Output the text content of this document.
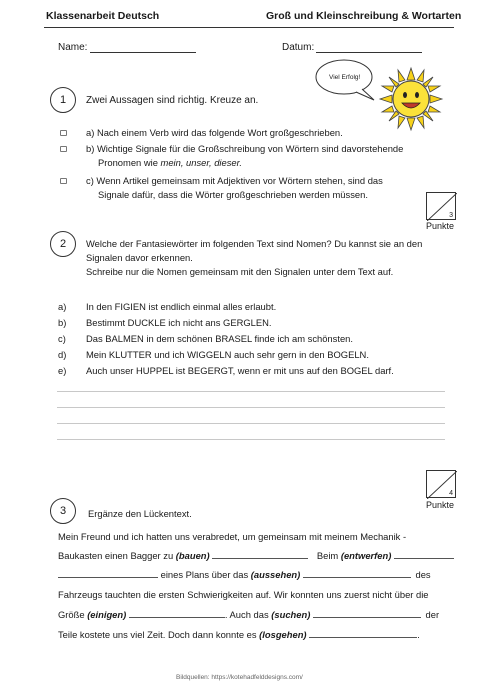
Klassenarbeit Deutsch	Groß und Kleinschreibung & Wortarten
Name:	Datum:
Viel Erfolg!
1	Zwei Aussagen sind richtig. Kreuze an.
a) Nach einem Verb wird das folgende Wort großgeschrieben.
b) Wichtige Signale für die Großschreibung von Wörtern sind davorstehende
Pronomen wie mein, unser, dieser.
c) Wenn Artikel gemeinsam mit Adjektiven vor Wörtern stehen, sind das
Signale dafür, dass die Wörter großgeschrieben werden müssen.
3
Punkte
2	Welche der Fantasiewörter im folgenden Text sind Nomen? Du kannst sie an den
Signalen davor erkennen.
Schreibe nur die Nomen gemeinsam mit den Signalen unter dem Text auf.
a) In den FIGIEN ist endlich einmal alles erlaubt.
b) Bestimmt DUCKLE ich nicht ans GERGLEN.
c) Das BALMEN in dem schönen BRASEL finde ich am schönsten.
d) Mein KLUTTER und ich WIGGELN auch sehr gern in den BOGELN.
e) Auch unser HUPPEL ist BEGERGT, wenn er mit uns auf den BOGEL darf.
4
Punkte
3	Ergänze den Lückentext.
Mein Freund und ich hatten uns verabredet, um gemeinsam mit meinem Mechanik -
Baukasten einen Bagger zu (bauen)	Beim (entwerfen)
eines Plans über das (aussehen)	des
Fahrzeugs tauchten die ersten Schwierigkeiten auf. Wir konnten uns zuerst nicht über die
Größe (einigen)	. Auch das (suchen)	der
Teile kostete uns viel Zeit. Doch dann konnte es (losgehen)	.
Bildquellen: https://kotehadfelddesigns.com/
